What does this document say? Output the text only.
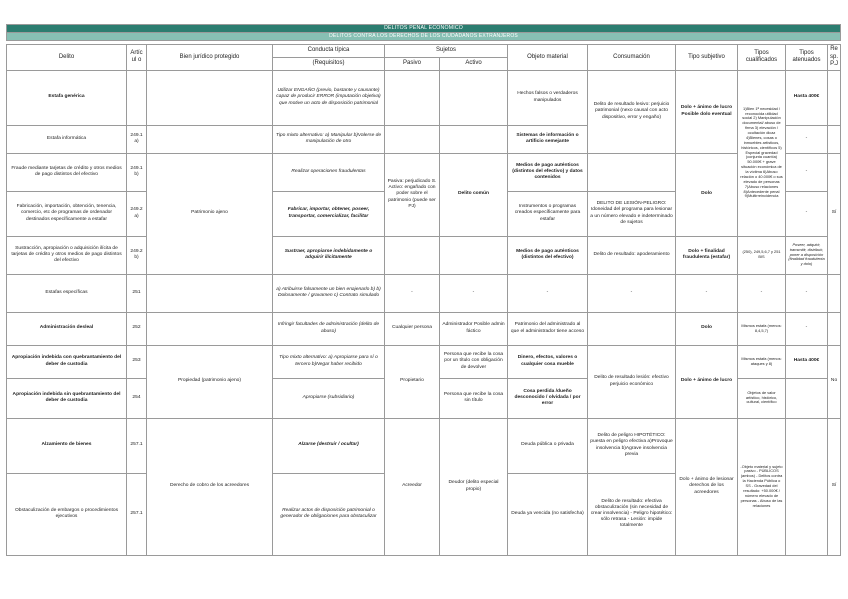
DELITOS PENAL ECONÓMICO											
DELITOS CONTRA LOS DERECHOS DE LOS CIUDADANOS EXTRANJEROS											

Delito	Artícul o	Bien jurídico protegido	Conducta típica	Sujetos		Objeto material	Consumación	Tipo subjetivo	Tipos cualificados	Tipos atenuados	Resp. P.J
			(Requisitos)	Pasivo	Activo						
Estafa genérica			Utilizar ENGAÑO (previo, bastante y causante) capaz de producir ERROR (imputación objetiva) que motive un acto de disposición patrimonial			Hechos falsos o verdaderos manipulados	Delito de resultado lesivo: perjuicio patrimonial (nexo causal con acto dispositivo, error y engaño)	Dolo + ánimo de lucro Posible dolo eventual	1)Bien 1ª necesidad / reconocida utilidad social 2) Manipulación documental/ abuso de firma 3) elevación / ocultación dicaz 4)Bienes, cosas o inmuebles artísticos, históricos, científicos 5) Especial gravedad (conjunta cuantía) 50.000€ + grave situación económica de la víctima 6)Abuso relación o 40.000€ o sus elevado de personas 7)Abuso relaciones 8)Antecedente penal 9)Multirreincidencia	Hasta 400€	
Estafa informática	249.1 a)		Tipo mixto alternativo: a) Manipular b)Valerse de manipulación de otro			Sistemas de información o artificio semejante				-	
Fraude mediante tarjetas de crédito y otros medios de pago distintos del efectivo	249.1 b)	Patrimonio ajeno	Realizar operaciones fraudulentas	Pasiva: perjudicado S. Activo: engañado con poder sobre el patrimonio (puede ser PJ)	Delito común	Medios de pago auténticos (distintos del efectivo) y datos contenidos		Dolo		-	Sí
Fabricación, importación, obtención, tenencia, comercio, etc de programas de ordenador destinados específicamente a estafar	249.2 a)		Fabricar, importar, obtener, poseer, transportar, comercializar, facilitar			Instrumentos o programas creados específicamente para estafar	DELITO DE LESIÓN-PELIGRO: Idoneidad del programa para lesionar a un número elevado e indeterminado de sujetos			-	
Sustracción, apropiación o adquisición ilícita de tarjetas de crédito y otros medios de pago distintos del efectivo	249.2 b)		Sustraer, apropiarse indebidamente o adquirir ilícitamente			Medios de pago auténticos (distintos del efectivo)	Delito de resultado: apoderamiento	Dolo + finalidad fraudulenta (estafar)	(250), 249,5,6,7 y 251 BIS	Poseer, adquirir, transmitir, distribuir, poner a disposición (finalidad fraudulenta y dolo)	
Estafas específicas	251		a) Atribuirse falsamente un bien enajenarlo b) b) Dolosamente / gravamen c) Contrato simulado	-	-	-	-	-	-	-	
Administración desleal	252		Infringir facultades de administración (delito de abuso)	Cualquier persona	Administrador Posible admin fáctico	Patrimonio del administrado al que el administrador tiene acceso		Dolo	Mismos estafa (menos: 8,4,5,7)	-	
Apropiación indebida con quebrantamiento del deber de custodia	253	Propiedad (patrimonio ajeno)	Tipo mixto alternativo: a) Apropiarse para sí o tercero b)Negar haber recibido	Propietario	Persona que recibe la cosa por un título con obligación de devolver	Dinero, efectos, valores o cualquier cosa mueble	Delito de resultado lesión: efectivo perjuicio económico	Dolo + ánimo de lucro	Mismos estafa (menos: ataques y 8)	Hasta 400€	No
Apropiación indebida sin quebrantamiento del deber de custodia	254		Apropiarse (subsidiario)		Persona que recibe la cosa sin título	Cosa perdida /dueño desconocido / olvidada / por error			Objetos de valor artístico, histórico, cultural, científico		
Alzamiento de bienes	257.1	Derecho de cobro de los acreedores	Alzarse (destruir / ocultar)	Acreedor	Deudor (delito especial propio)	Deuda pública o privada	Delito de peligro HIPOTÉTICO: puesta en peligro efectiva a)Provoque insolvencia b)Agrave insolvencia previa	Dolo + ánimo de lesionar derechos de los acreedores	-Objeto material y sujeto pasivo - PÚBLICOS (ambos) - Delitos contra la Hacienda Pública o SS - Gravedad del resultado: +50.000€ / número elevado de personas - Abuso de las relaciones		Sí
Obstaculización de embargos o procedimientos ejecutivos	257.1		Realizar actos de disposición patrimonial o generador de obligaciones para obstaculizar			Deuda ya vencida (no satisfecha)	Delito de resultado: efectiva obstaculización (sin necesidad de crear insolvencia) - Peligro hipotético: sólo retrasa - Lesión: impide totalmente				
